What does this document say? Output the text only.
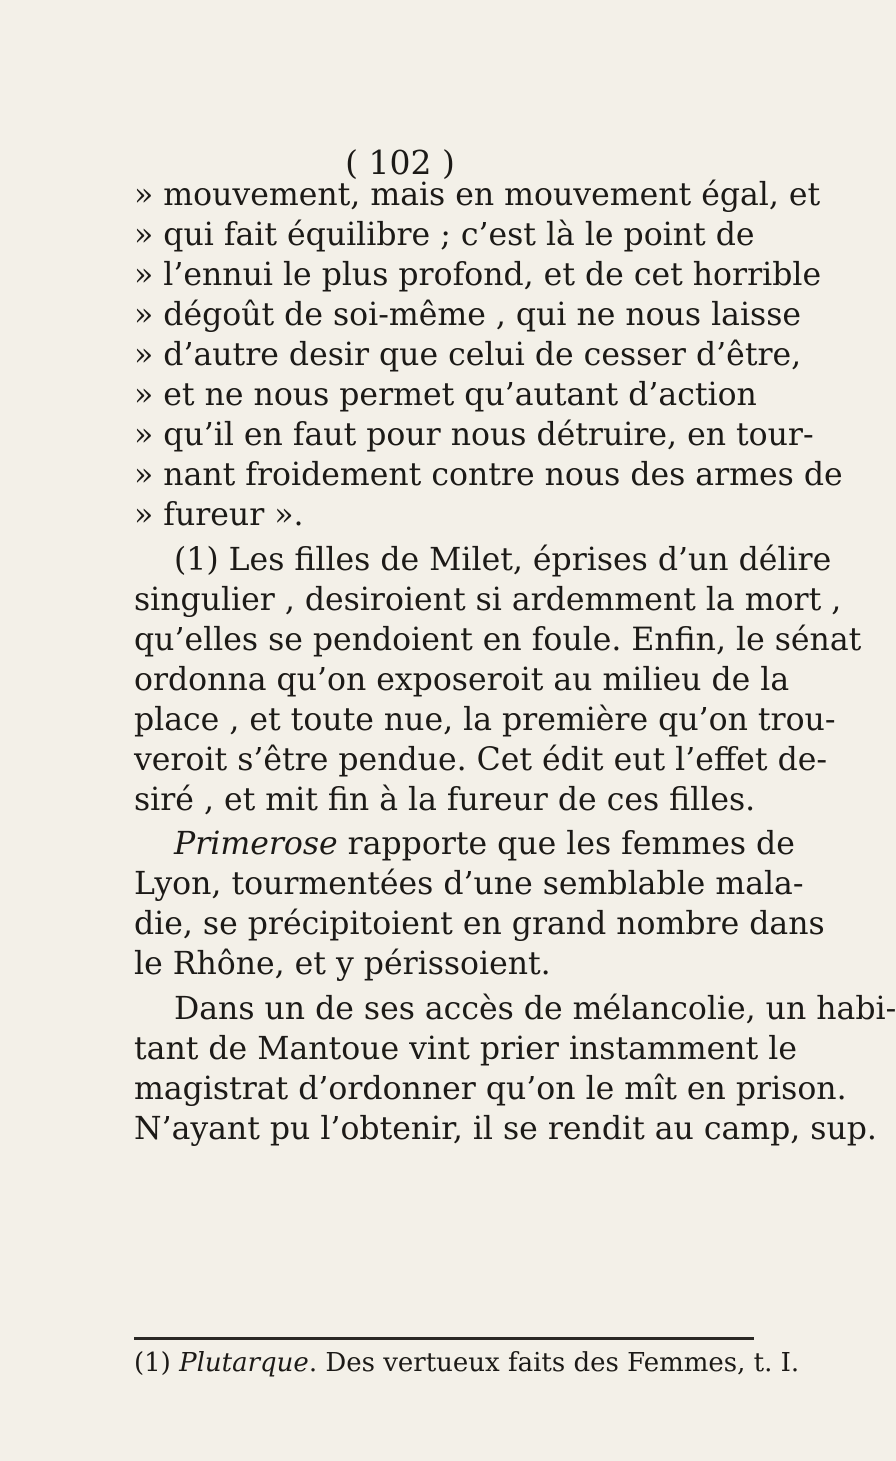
( 102 )
» mouvement, mais en mouvement égal, et
» qui fait équilibre ; c’est là le point de
» l’ennui le plus profond, et de cet horrible
» dégoût de soi-même , qui ne nous laisse
» d’autre desir que celui de cesser d’être,
» et ne nous permet qu’autant d’action
» qu’il en faut pour nous détruire, en tour-
» nant froidement contre nous des armes de
» fureur ».
(1) Les filles de Milet, éprises d’un délire
singulier , desiroient si ardemment la mort ,
qu’elles se pendoient en foule. Enfin, le sénat
ordonna qu’on exposeroit au milieu de la
place , et toute nue, la première qu’on trou-
veroit s’être pendue. Cet édit eut l’effet de-
siré , et mit fin à la fureur de ces filles.
Primerose rapporte que les femmes de
Lyon, tourmentées d’une semblable mala-
die, se précipitoient en grand nombre dans
le Rhône, et y périssoient.
Dans un de ses accès de mélancolie, un habi-
tant de Mantoue vint prier instamment le
magistrat d’ordonner qu’on le mît en prison.
N’ayant pu l’obtenir, il se rendit au camp, sup.
(1) Plutarque. Des vertueux faits des Femmes, t. I.
